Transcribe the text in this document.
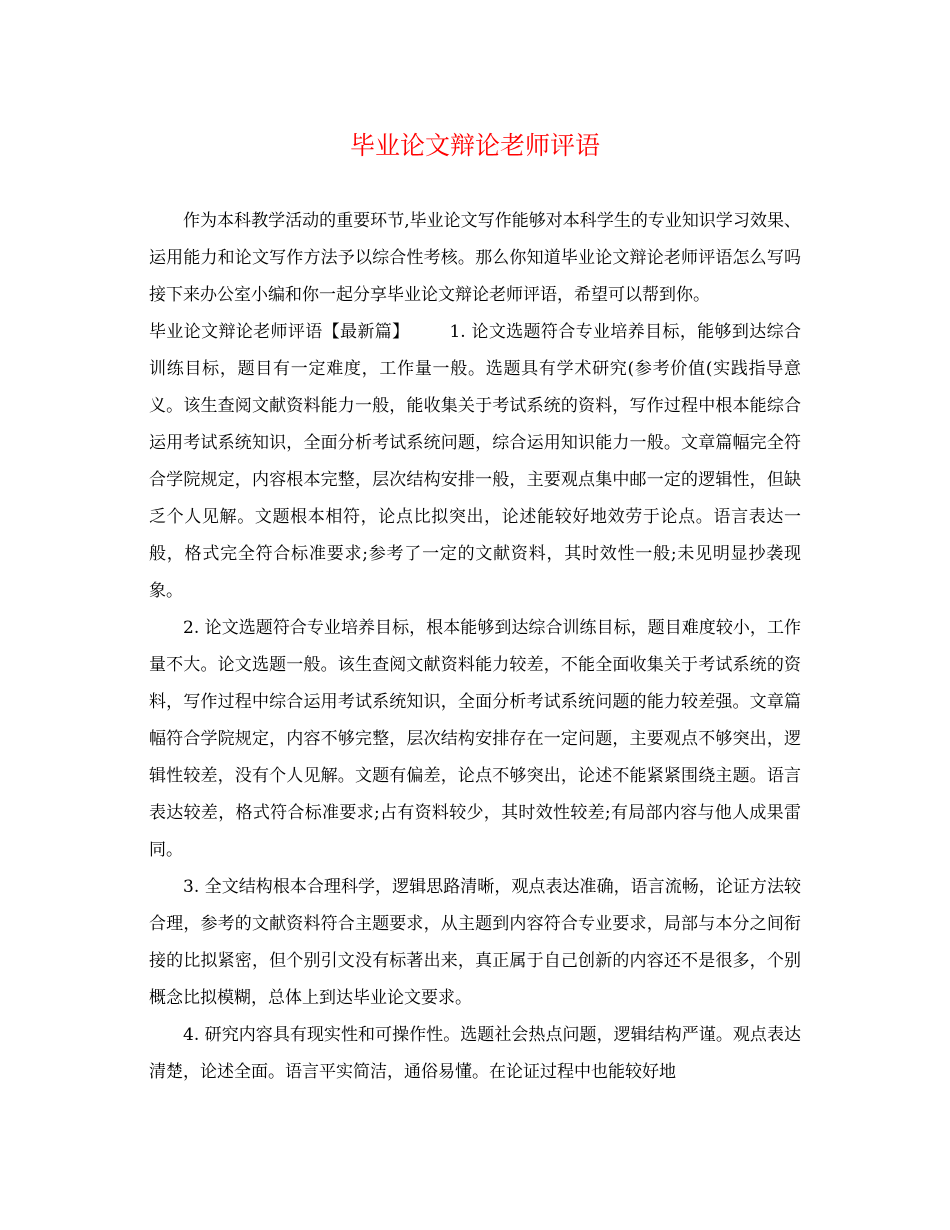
毕业论文辩论老师评语

作为本科教学活动的重要环节,毕业论文写作能够对本科学生的专业知识学习效果、运用能力和论文写作方法予以综合性考核。那么你知道毕业论文辩论老师评语怎么写吗接下来办公室小编和你一起分享毕业论文辩论老师评语，希望可以帮到你。

毕业论文辩论老师评语【最新篇】 1. 论文选题符合专业培养目标，能够到达综合训练目标，题目有一定难度，工作量一般。选题具有学术研究(参考价值(实践指导意义。该生查阅文献资料能力一般，能收集关于考试系统的资料，写作过程中根本能综合运用考试系统知识，全面分析考试系统问题，综合运用知识能力一般。文章篇幅完全符合学院规定，内容根本完整，层次结构安排一般，主要观点集中邮一定的逻辑性，但缺乏个人见解。文题根本相符，论点比拟突出，论述能较好地效劳于论点。语言表达一般，格式完全符合标准要求;参考了一定的文献资料，其时效性一般;未见明显抄袭现象。

2. 论文选题符合专业培养目标，根本能够到达综合训练目标，题目难度较小，工作量不大。论文选题一般。该生查阅文献资料能力较差，不能全面收集关于考试系统的资料，写作过程中综合运用考试系统知识，全面分析考试系统问题的能力较差强。文章篇幅符合学院规定，内容不够完整，层次结构安排存在一定问题，主要观点不够突出，逻辑性较差，没有个人见解。文题有偏差，论点不够突出，论述不能紧紧围绕主题。语言表达较差，格式符合标准要求;占有资料较少，其时效性较差;有局部内容与他人成果雷同。

3. 全文结构根本合理科学，逻辑思路清晰，观点表达准确，语言流畅，论证方法较合理，参考的文献资料符合主题要求，从主题到内容符合专业要求，局部与本分之间衔接的比拟紧密，但个别引文没有标著出来，真正属于自己创新的内容还不是很多，个别概念比拟模糊，总体上到达毕业论文要求。

4. 研究内容具有现实性和可操作性。选题社会热点问题，逻辑结构严谨。观点表达清楚，论述全面。语言平实简洁，通俗易懂。在论证过程中也能较好地
